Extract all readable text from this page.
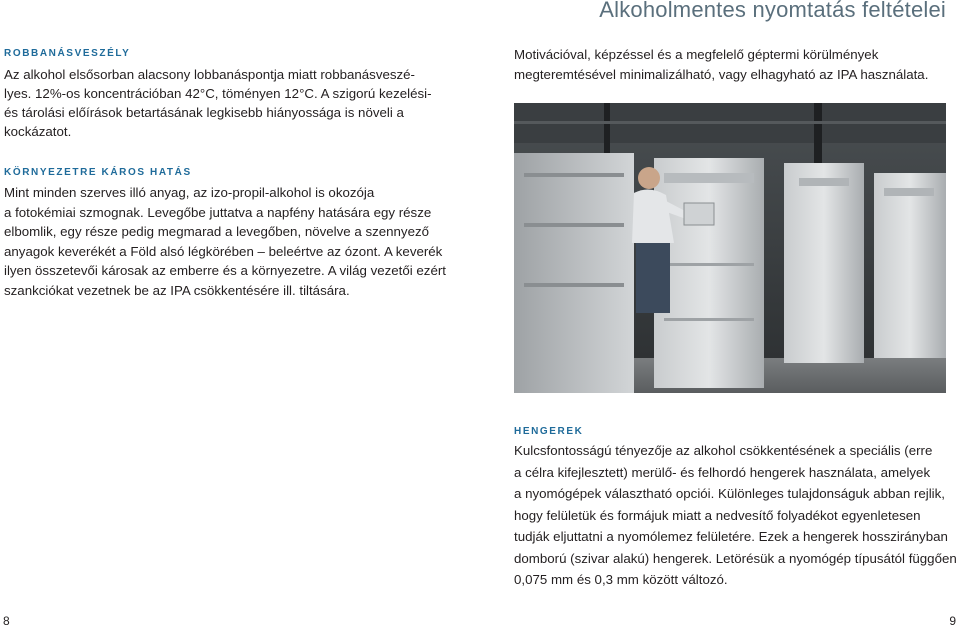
Alkoholmentes nyomtatás feltételei
ROBBANÁSVESZÉLY
Az alkohol elsősorban alacsony lobbanáspontja miatt robbanásveszé-
lyes. 12%-os koncentrációban 42°C, töményen 12°C. A szigorú kezelési-
és tárolási előírások betartásának legkisebb hiányossága is növeli a
kockázatot.
KÖRNYEZETRE KÁROS HATÁS
Mint minden szerves illó anyag, az izo-propil-alkohol is okozója
a fotokémiai szmognak. Levegőbe juttatva a napfény hatására egy része
elbomlik, egy része pedig megmarad a levegőben, növelve a szennyező
anyagok keverékét a Föld alsó légkörében – beleértve az ózont. A keverék
ilyen összetevői károsak az emberre és a környezetre. A világ vezetői ezért
szankciókat vezetnek be az IPA csökkentésére ill. tiltására.
Motivációval, képzéssel és a megfelelő géptermi körülmények
megteremtésével minimalizálható, vagy elhagyható az IPA használata.
HENGEREK
Kulcsfontosságú tényezője az alkohol csökkentésének a speciális (erre
a célra kifejlesztett) merülő- és felhordó hengerek használata, amelyek
a nyomógépek választható opciói. Különleges tulajdonságuk abban rejlik,
hogy felületük és formájuk miatt a nedvesítő folyadékot egyenletesen
tudják eljuttatni a nyomólemez felületére. Ezek a hengerek hosszirányban
domború (szivar alakú) hengerek. Letörésük a nyomógép típusától függően
0,075 mm és 0,3 mm között változó.
8	9
